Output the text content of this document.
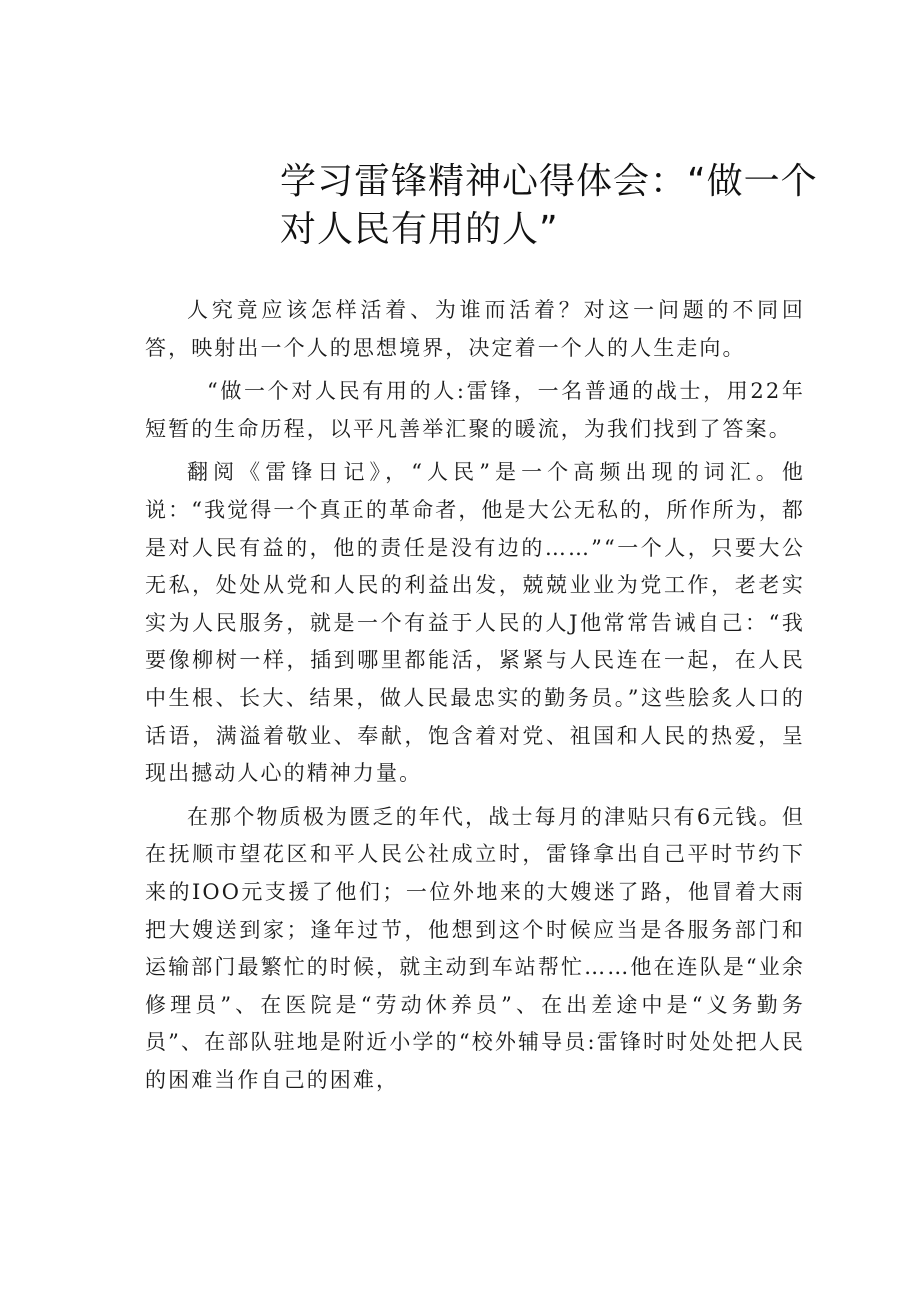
学习雷锋精神心得体会：“做一个
对人民有用的人”

人究竟应该怎样活着、为谁而活着？对这一问题的不同回答，映射出一个人的思想境界，决定着一个人的人生走向。

“做一个对人民有用的人:雷锋，一名普通的战士，用22年短暂的生命历程，以平凡善举汇聚的暖流，为我们找到了答案。

翻阅《雷锋日记》，“人民”是一个高频出现的词汇。他说：“我觉得一个真正的革命者，他是大公无私的，所作所为，都是对人民有益的，他的责任是没有边的……”“一个人，只要大公无私，处处从党和人民的利益出发，兢兢业业为党工作，老老实实为人民服务，就是一个有益于人民的人J他常常告诫自己：“我要像柳树一样，插到哪里都能活，紧紧与人民连在一起，在人民中生根、长大、结果，做人民最忠实的勤务员。”这些脍炙人口的话语，满溢着敬业、奉献，饱含着对党、祖国和人民的热爱，呈现出撼动人心的精神力量。

在那个物质极为匮乏的年代，战士每月的津贴只有6元钱。但在抚顺市望花区和平人民公社成立时，雷锋拿出自己平时节约下来的IOO元支援了他们；一位外地来的大嫂迷了路，他冒着大雨把大嫂送到家；逢年过节，他想到这个时候应当是各服务部门和运输部门最繁忙的时候，就主动到车站帮忙……他在连队是“业余修理员”、在医院是“劳动休养员”、在出差途中是“义务勤务员”、在部队驻地是附近小学的“校外辅导员:雷锋时时处处把人民的困难当作自己的困难，
